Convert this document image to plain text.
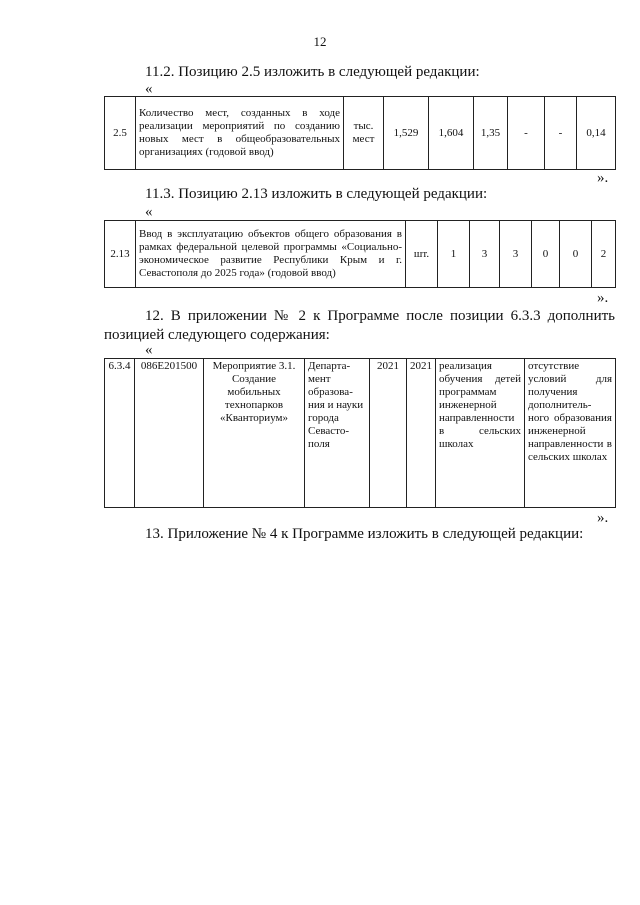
12
11.2. Позицию 2.5 изложить в следующей редакции:
«
2.5	Количество мест, созданных в ходе реализации мероприятий по созданию новых мест в общеобразовательных организациях (годовой ввод)	тыс. мест	1,529	1,604	1,35	-	-	0,14
».
11.3. Позицию 2.13 изложить в следующей редакции:
«
2.13	Ввод в эксплуатацию объектов общего образования в рамках федеральной целевой программы «Социально-экономическое развитие Республики Крым и г. Севастополя до 2025 года» (годовой ввод)	шт.	1	3	3	0	0	2
».
12. В приложении № 2 к Программе после позиции 6.3.3 дополнить позицией следующего содержания:
«
6.3.4	086E201500	Мероприятие 3.1. Создание мобильных технопарков «Кванториум»	Департа-мент образова-ния и науки города Севасто-поля	2021	2021	реализация обучения детей программам инженерной направленности в сельских школах	отсутствие условий для получения дополнитель-ного образования инженерной направленности в сельских школах
».
13. Приложение № 4 к Программе изложить в следующей редакции:
